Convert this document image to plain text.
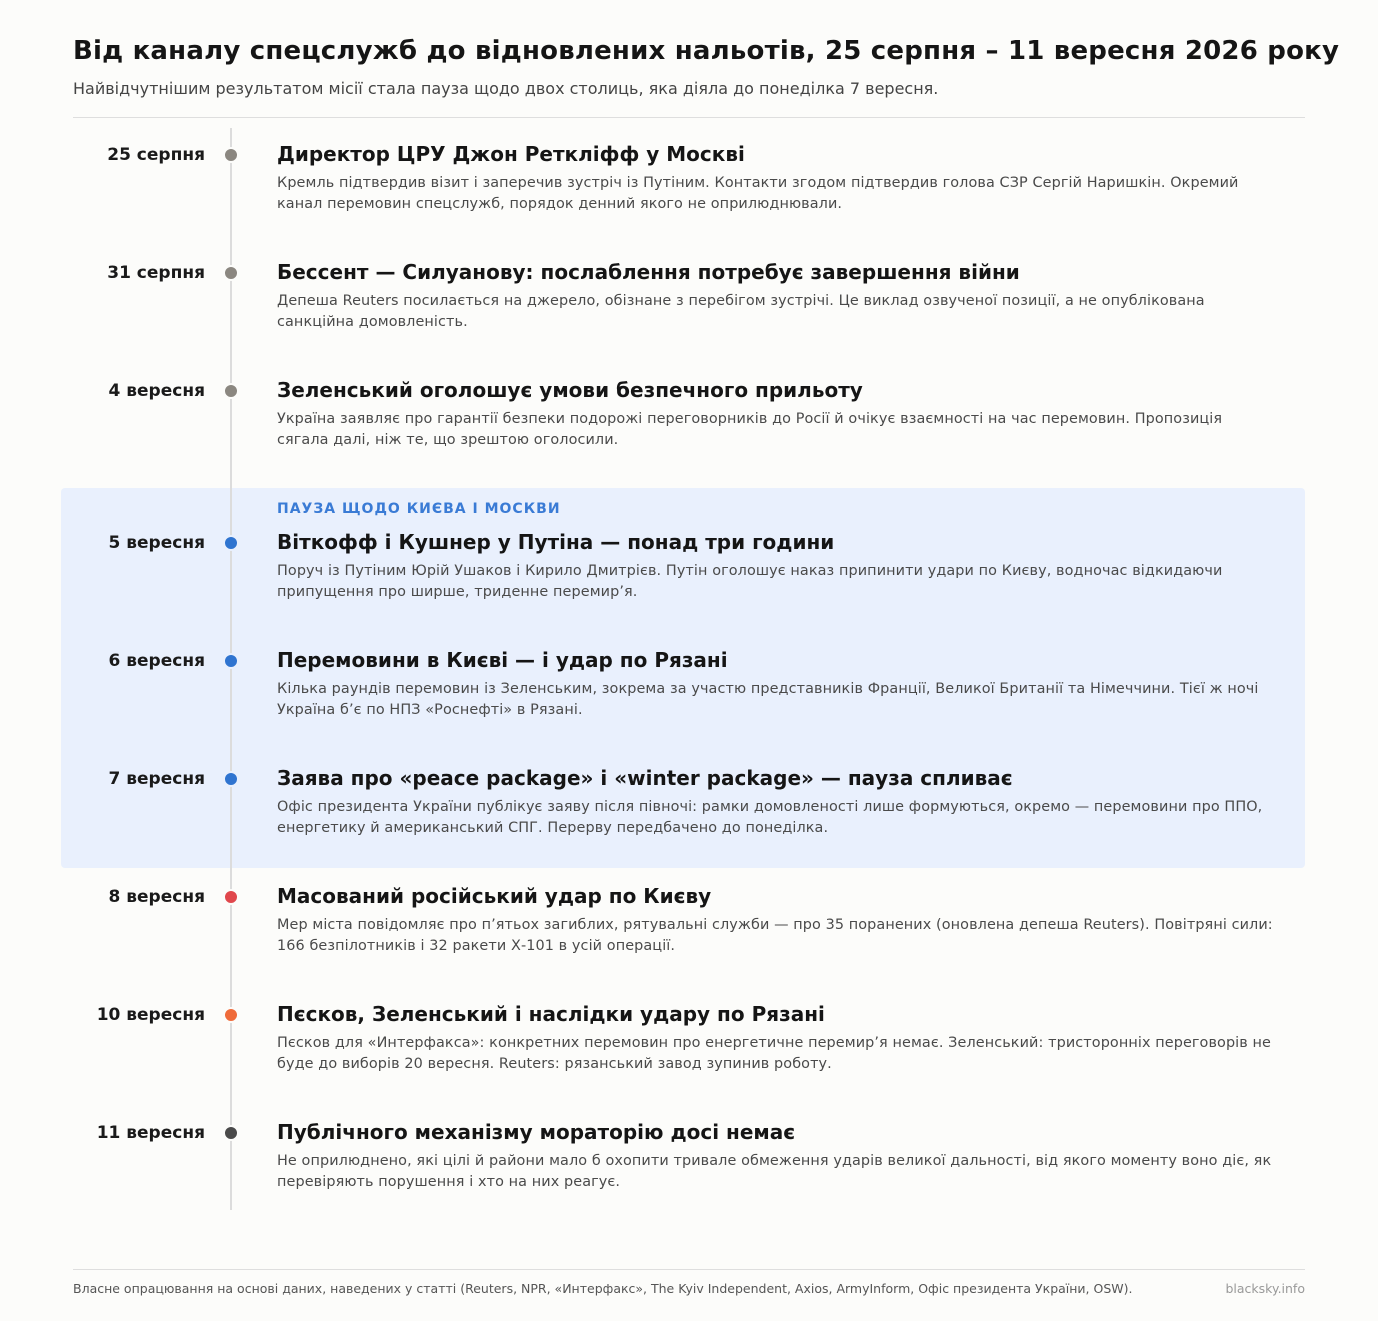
Від каналу спецслужб до відновлених нальотів, 25 серпня – 11 вересня 2026 року

Найвідчутнішим результатом місії стала пауза щодо двох столиць, яка діяла до понеділка 7 вересня.

ПАУЗА ЩОДО КИЄВА І МОСКВИ
25 серпня	Директор ЦРУ Джон Реткліфф у Москві
Кремль підтвердив візит і заперечив зустріч із Путіним. Контакти згодом підтвердив голова СЗР Сергій Наришкін. Окремий канал перемовин спецслужб, порядок денний якого не оприлюднювали.
31 серпня	Бессент — Силуанову: послаблення потребує завершення війни
Депеша Reuters посилається на джерело, обізнане з перебігом зустрічі. Це виклад озвученої позиції, а не опублікована санкційна домовленість.
4 вересня	Зеленський оголошує умови безпечного прильоту
Україна заявляє про гарантії безпеки подорожі переговорників до Росії й очікує взаємності на час перемовин. Пропозиція сягала далі, ніж те, що зрештою оголосили.
5 вересня	Віткофф і Кушнер у Путіна — понад три години
Поруч із Путіним Юрій Ушаков і Кирило Дмитрієв. Путін оголошує наказ припинити удари по Києву, водночас відкидаючи припущення про ширше, триденне перемир’я.
6 вересня	Перемовини в Києві — і удар по Рязані
Кілька раундів перемовин із Зеленським, зокрема за участю представників Франції, Великої Британії та Німеччини. Тієї ж ночі Україна б’є по НПЗ «Роснефті» в Рязані.
7 вересня	Заява про «peace package» і «winter package» — пауза спливає
Офіс президента України публікує заяву після півночі: рамки домовленості лише формуються, окремо — перемовини про ППО, енергетику й американський СПГ. Перерву передбачено до понеділка.
8 вересня	Масований російський удар по Києву
Мер міста повідомляє про п’ятьох загиблих, рятувальні служби — про 35 поранених (оновлена депеша Reuters). Повітряні сили: 166 безпілотників і 32 ракети Х-101 в усій операції.
10 вересня	Пєсков, Зеленський і наслідки удару по Рязані
Пєсков для «Интерфакса»: конкретних перемовин про енергетичне перемир’я немає. Зеленський: тристоронніх переговорів не буде до виборів 20 вересня. Reuters: рязанський завод зупинив роботу.
11 вересня	Публічного механізму мораторію досі немає
Не оприлюднено, які цілі й райони мало б охопити тривале обмеження ударів великої дальності, від якого моменту воно діє, як перевіряють порушення і хто на них реагує.
Власне опрацювання на основі даних, наведених у статті (Reuters, NPR, «Интерфакс», The Kyiv Independent, Axios, ArmyInform, Офіс президента України, OSW).	blacksky.info
